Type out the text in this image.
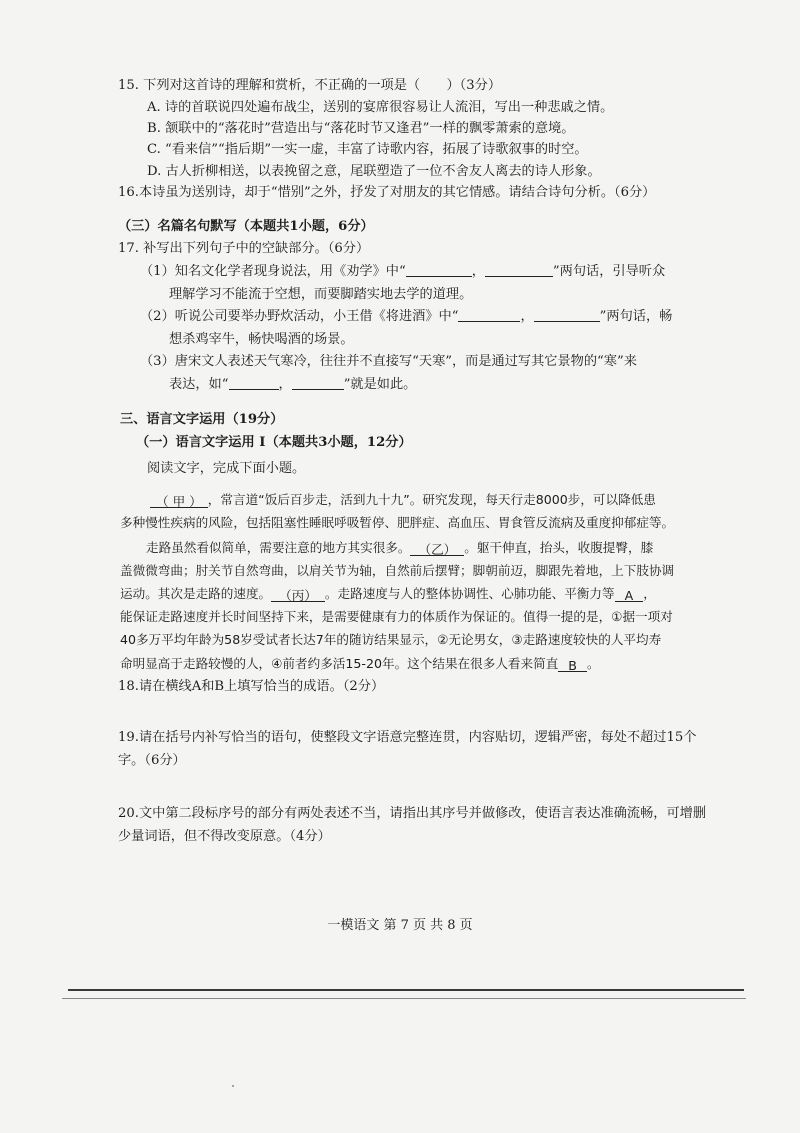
15. 下列对这首诗的理解和赏析，不正确的一项是（　　）（3分）
A. 诗的首联说四处遍布战尘，送别的宴席很容易让人流泪，写出一种悲戚之情。
B. 颔联中的“落花时”营造出与“落花时节又逢君”一样的飘零萧索的意境。
C. “看来信”“指后期”一实一虚，丰富了诗歌内容，拓展了诗歌叙事的时空。
D. 古人折柳相送，以表挽留之意，尾联塑造了一位不舍友人离去的诗人形象。
16.本诗虽为送别诗，却于“惜别”之外，抒发了对朋友的其它情感。请结合诗句分析。（6分）
（三）名篇名句默写（本题共1小题，6分）
17. 补写出下列句子中的空缺部分。（6分）
（1）知名文化学者现身说法，用《劝学》中“	，	”两句话，引导听众
理解学习不能流于空想，而要脚踏实地去学的道理。
（2）听说公司要举办野炊活动，小王借《将进酒》中“	，	”两句话，畅
想杀鸡宰牛，畅快喝酒的场景。
（3）唐宋文人表述天气寒冷，往往并不直接写“天寒”，而是通过写其它景物的“寒”来
表达，如“	，	”就是如此。
三、语言文字运用（19分）
（一）语言文字运用 I（本题共3小题，12分）
阅读文字，完成下面小题。
（ 甲 ） ，常言道“饭后百步走，活到九十九”。研究发现，每天行走8000步，可以降低患
多种慢性疾病的风险，包括阻塞性睡眠呼吸暂停、肥胖症、高血压、胃食管反流病及重度抑郁症等。
走路虽然看似简单，需要注意的地方其实很多。 （乙） 。躯干伸直，抬头，收腹提臀，膝
盖微微弯曲；肘关节自然弯曲，以肩关节为轴，自然前后摆臂；脚朝前迈，脚跟先着地，上下肢协调
运动。其次是走路的速度。 （丙） 。走路速度与人的整体协调性、心肺功能、平衡力等 A ，
能保证走路速度并长时间坚持下来，是需要健康有力的体质作为保证的。值得一提的是，①据一项对
40多万平均年龄为58岁受试者长达7年的随访结果显示，②无论男女，③走路速度较快的人平均寿
命明显高于走路较慢的人，④前者约多活15-20年。这个结果在很多人看来简直 B 。
18.请在横线A和B上填写恰当的成语。（2分）
19.请在括号内补写恰当的语句，使整段文字语意完整连贯，内容贴切，逻辑严密，每处不超过15个
字。（6分）
20.文中第二段标序号的部分有两处表述不当，请指出其序号并做修改，使语言表达准确流畅，可增删
少量词语，但不得改变原意。（4分）
一模语文 第 7 页 共 8 页
